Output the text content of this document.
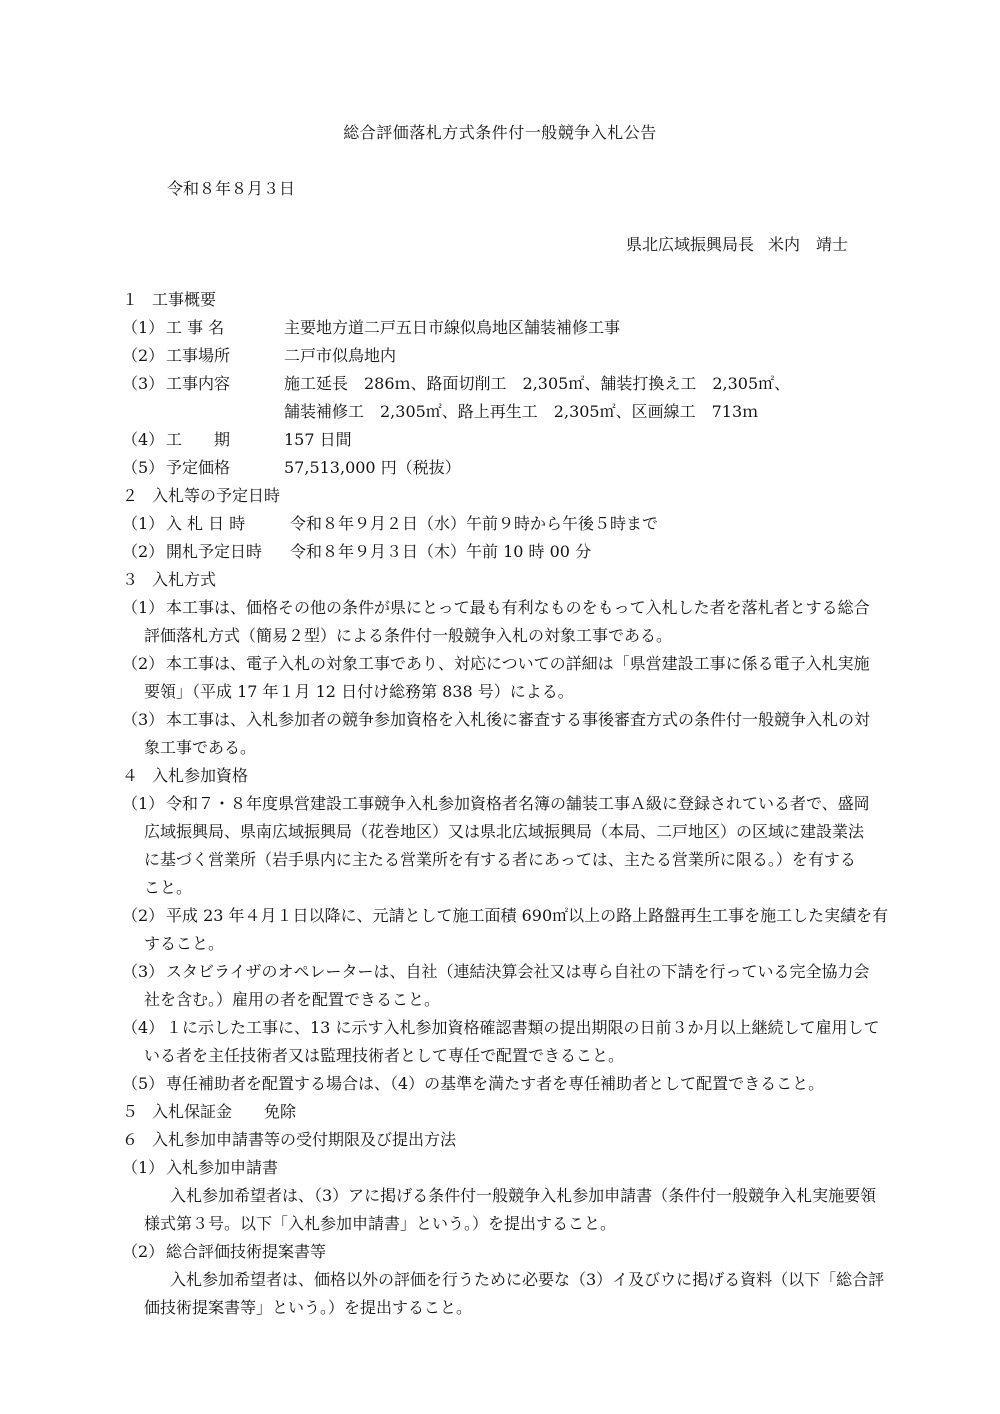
総合評価落札方式条件付一般競争入札公告
令和８年８月３日
県北広域振興局長 米内　靖士
１ 工事概要
（1） 工 事 名	主要地方道二戸五日市線似鳥地区舗装補修工事
（2） 工事場所	二戸市似鳥地内
（3） 工事内容	施工延長　286ｍ、路面切削工　2,305㎡、舗装打換え工　2,305㎡、
舗装補修工　2,305㎡、路上再生工　2,305㎡、区画線工　713ｍ
（4） 工　　期	157 日間
（5） 予定価格	57,513,000 円（税抜）
２ 入札等の予定日時
（1） 入 札 日 時	令和８年９月２日（水）午前９時から午後５時まで
（2） 開札予定日時 令和８年９月３日（木）午前 10 時 00 分
３ 入札方式
（1） 本工事は、価格その他の条件が県にとって最も有利なものをもって入札した者を落札者とする総合
評価落札方式（簡易２型）による条件付一般競争入札の対象工事である。
（2） 本工事は、電子入札の対象工事であり、対応についての詳細は「県営建設工事に係る電子入札実施
要領」（平成 17 年１月 12 日付け総務第 838 号）による。
（3） 本工事は、入札参加者の競争参加資格を入札後に審査する事後審査方式の条件付一般競争入札の対
象工事である。
４ 入札参加資格
（1） 令和７・８年度県営建設工事競争入札参加資格者名簿の舗装工事Ａ級に登録されている者で、盛岡
広域振興局、県南広域振興局（花巻地区）又は県北広域振興局（本局、二戸地区）の区域に建設業法
に基づく営業所（岩手県内に主たる営業所を有する者にあっては、主たる営業所に限る。）を有する
こと。
（2） 平成 23 年４月１日以降に、元請として施工面積 690㎡以上の路上路盤再生工事を施工した実績を有
すること。
（3） スタビライザのオペレーターは、自社（連結決算会社又は専ら自社の下請を行っている完全協力会
社を含む。）雇用の者を配置できること。
（4） １に示した工事に、13 に示す入札参加資格確認書類の提出期限の日前３か月以上継続して雇用して
いる者を主任技術者又は監理技術者として専任で配置できること。
（5） 専任補助者を配置する場合は、（4）の基準を満たす者を専任補助者として配置できること。
５ 入札保証金 免除
６ 入札参加申請書等の受付期限及び提出方法
（1） 入札参加申請書
入札参加希望者は、（3）アに掲げる条件付一般競争入札参加申請書（条件付一般競争入札実施要領
様式第３号。以下「入札参加申請書」という。）を提出すること。
（2） 総合評価技術提案書等
入札参加希望者は、価格以外の評価を行うために必要な（3）イ及びウに掲げる資料（以下「総合評
価技術提案書等」という。）を提出すること。
